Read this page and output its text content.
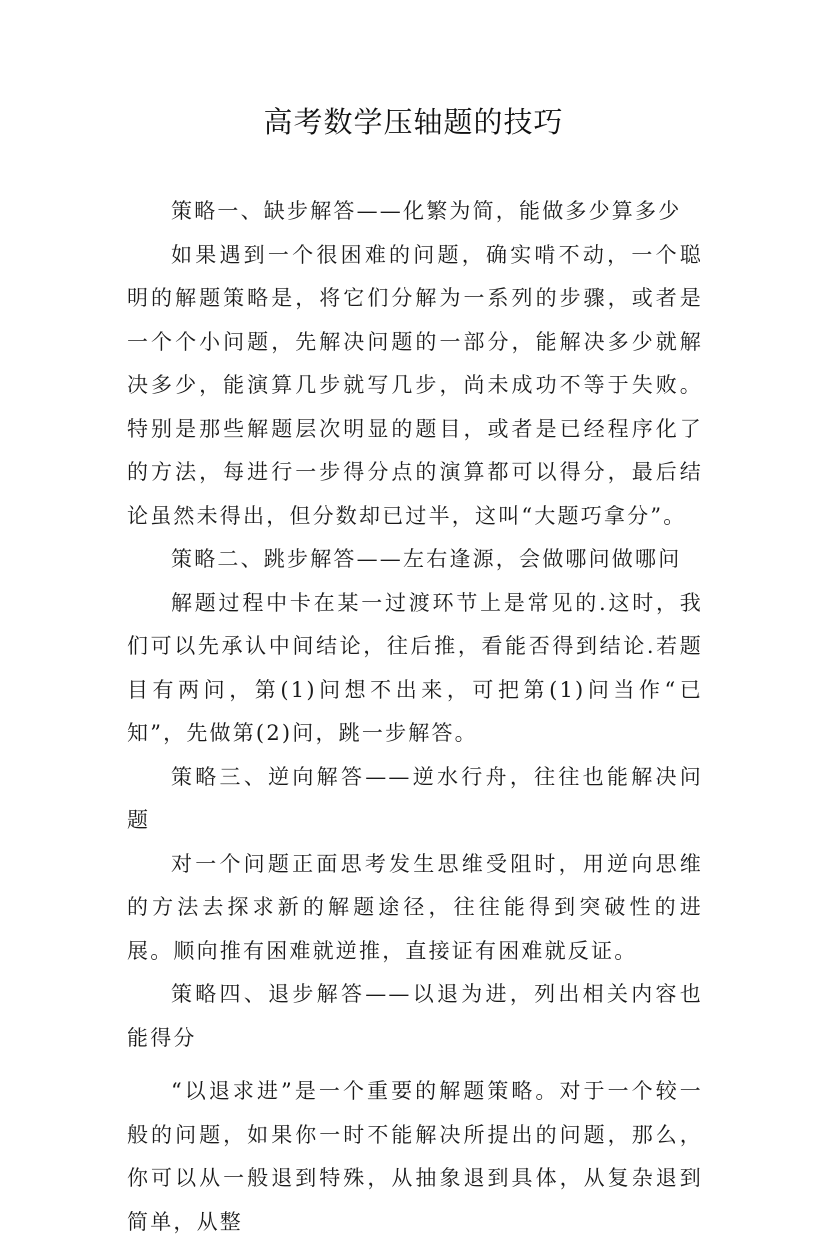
高考数学压轴题的技巧

策略一、缺步解答——化繁为简，能做多少算多少

如果遇到一个很困难的问题，确实啃不动，一个聪明的解题策略是，将它们分解为一系列的步骤，或者是一个个小问题，先解决问题的一部分，能解决多少就解决多少，能演算几步就写几步，尚未成功不等于失败。特别是那些解题层次明显的题目，或者是已经程序化了的方法，每进行一步得分点的演算都可以得分，最后结论虽然未得出，但分数却已过半，这叫“大题巧拿分”。

策略二、跳步解答——左右逢源，会做哪问做哪问

解题过程中卡在某一过渡环节上是常见的.这时，我们可以先承认中间结论，往后推，看能否得到结论.若题目有两问，第(1)问想不出来，可把第(1)问当作“已知”，先做第(2)问，跳一步解答。

策略三、逆向解答——逆水行舟，往往也能解决问题

对一个问题正面思考发生思维受阻时，用逆向思维的方法去探求新的解题途径，往往能得到突破性的进展。顺向推有困难就逆推，直接证有困难就反证。

策略四、退步解答——以退为进，列出相关内容也能得分

“以退求进”是一个重要的解题策略。对于一个较一般的问题，如果你一时不能解决所提出的问题，那么，你可以从一般退到特殊，从抽象退到具体，从复杂退到简单，从整
